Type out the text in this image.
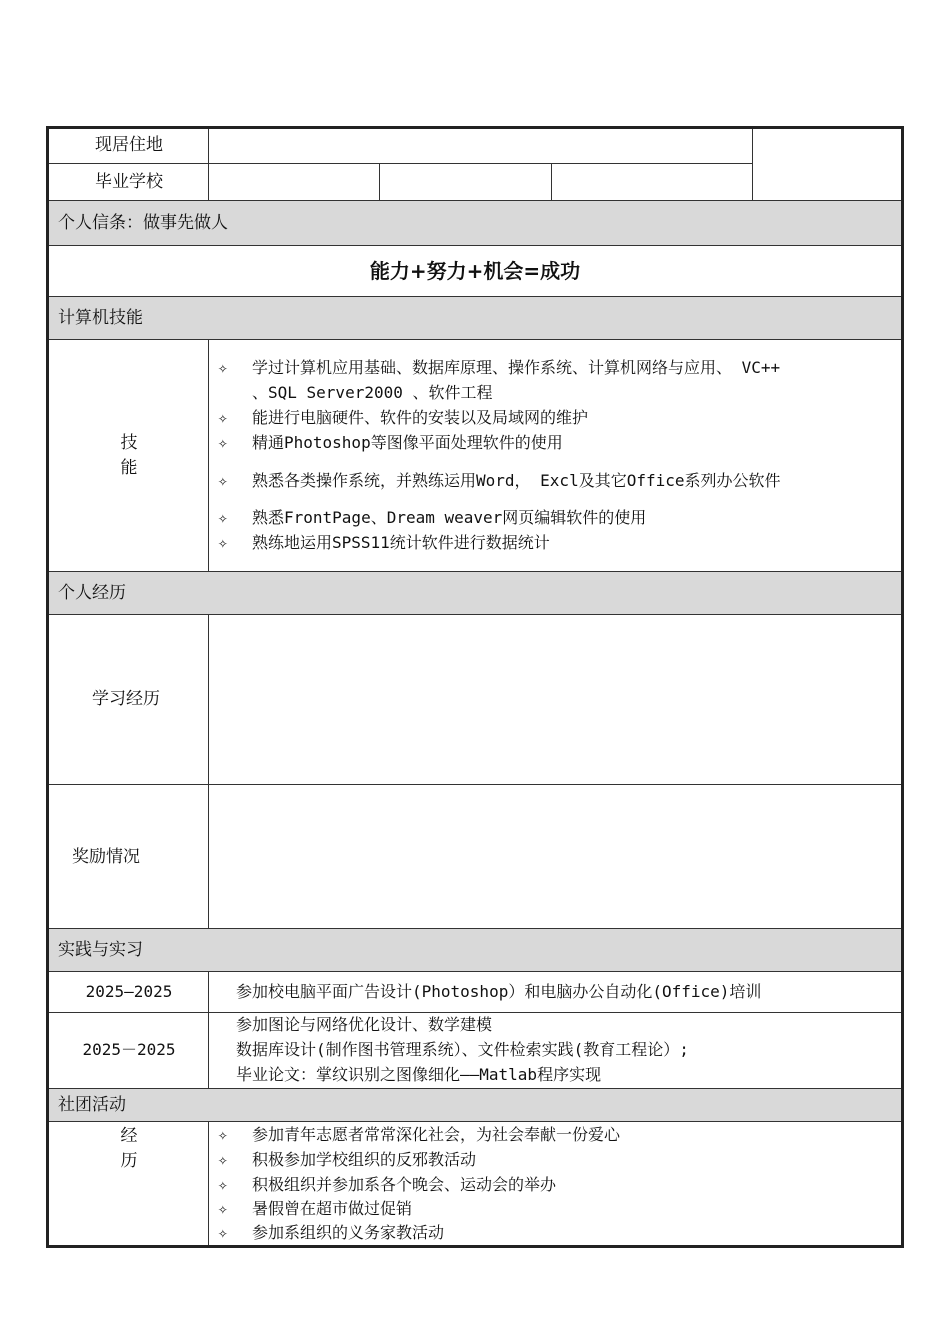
现居住地
毕业学校
个人信条：做事先做人
能力+努力+机会=成功
计算机技能
技
能
✧ 学过计算机应用基础、数据库原理、操作系统、计算机网络与应用、 VC++
、SQL Server2000 、软件工程
✧ 能进行电脑硬件、软件的安装以及局域网的维护
✧ 精通Photoshop等图像平面处理软件的使用
✧ 熟悉各类操作系统，并熟练运用Word， Excl及其它Office系列办公软件
✧ 熟悉FrontPage、Dream weaver网页编辑软件的使用
✧ 熟练地运用SPSS11统计软件进行数据统计
个人经历
学习经历
奖励情况
实践与实习
2025—2025	参加校电脑平面广告设计(Photoshop）和电脑办公自动化(Office)培训
2025－2025
参加图论与网络优化设计、数学建模
数据库设计(制作图书管理系统）、文件检索实践(教育工程论）;
毕业论文：掌纹识别之图像细化——Matlab程序实现
社团活动
经
历
✧ 参加青年志愿者常常深化社会，为社会奉献一份爱心
✧ 积极参加学校组织的反邪教活动
✧ 积极组织并参加系各个晚会、运动会的举办
✧ 暑假曾在超市做过促销
✧ 参加系组织的义务家教活动
